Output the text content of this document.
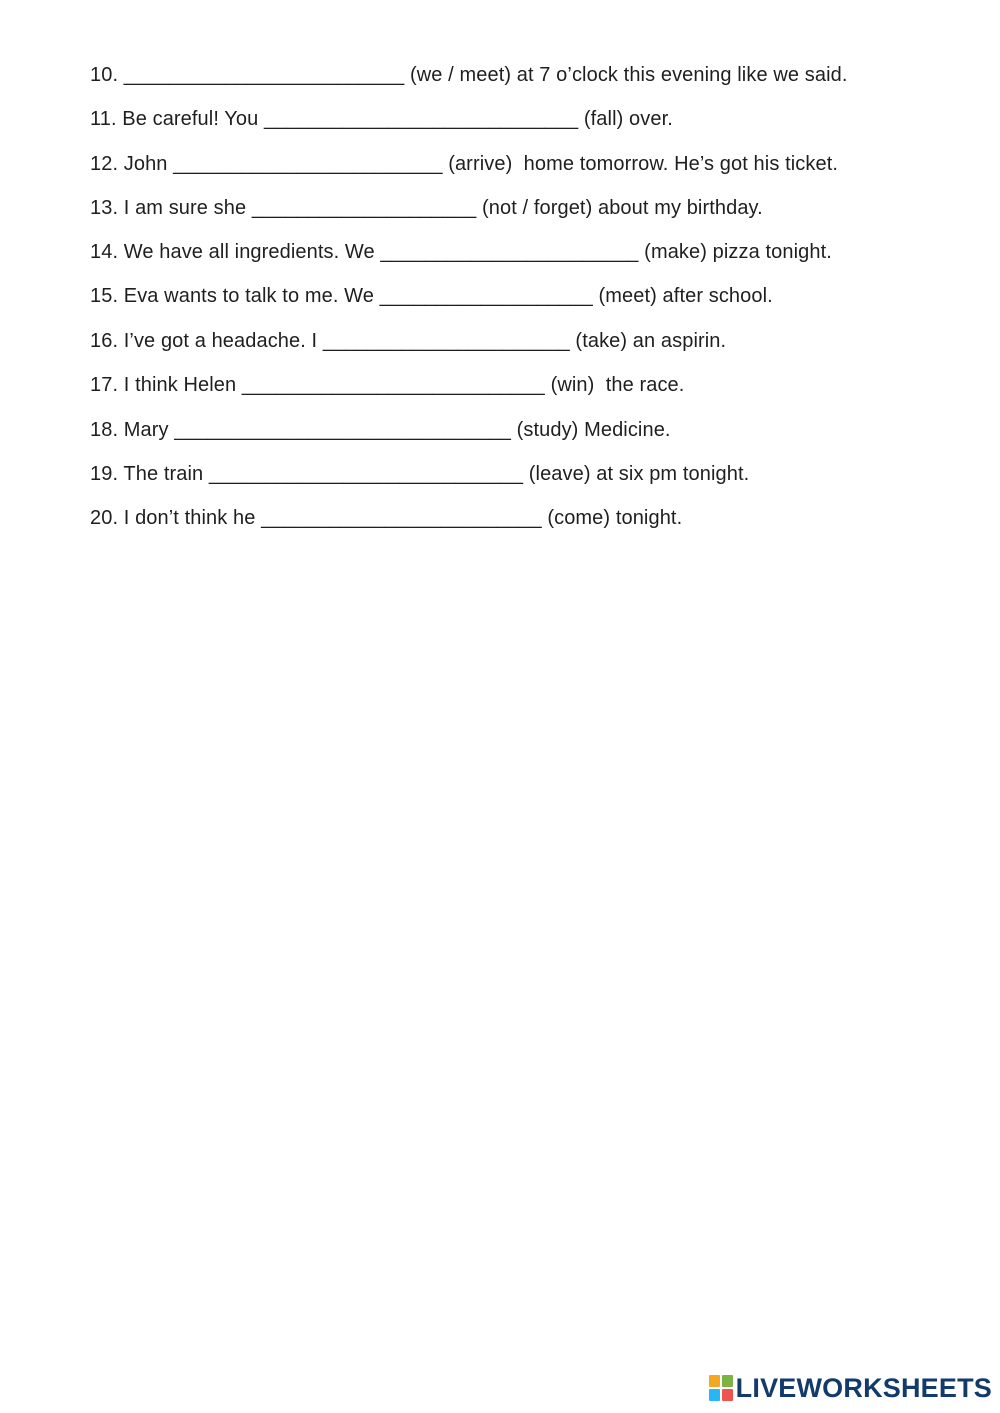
10. _________________________ (we / meet) at 7 o’clock this evening like we said.
11. Be careful! You ____________________________ (fall) over.
12. John ________________________ (arrive)  home tomorrow. He’s got his ticket.
13. I am sure she ____________________ (not / forget) about my birthday.
14. We have all ingredients. We _______________________ (make) pizza tonight.
15. Eva wants to talk to me. We ___________________ (meet) after school.
16. I’ve got a headache. I ______________________ (take) an aspirin.
17. I think Helen ___________________________ (win)  the race.
18. Mary ______________________________ (study) Medicine.
19. The train ____________________________ (leave) at six pm tonight.
20. I don’t think he _________________________ (come) tonight.
LIVEWORKSHEETS
